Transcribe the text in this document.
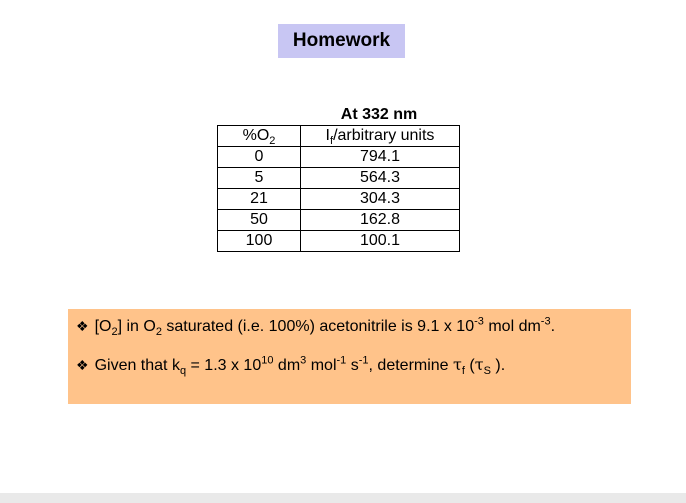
Homework
At 332 nm
$\%O_2$	$I_f$/arbitrary units
0	794.1
5	564.3
21	304.3
50	162.8
100	100.1
❖ $[O_2]$ in $O_2$ saturated (i.e. 100%) acetonitrile is 9.1 x $10^{-3}$ mol $dm^{-3}$.
❖ Given that $k_q = 1.3$ x $10^{10}$ $dm^3$ mol$^{-1}$ $s^{-1}$, determine $\tau_f$ ($\tau_S$ ).
